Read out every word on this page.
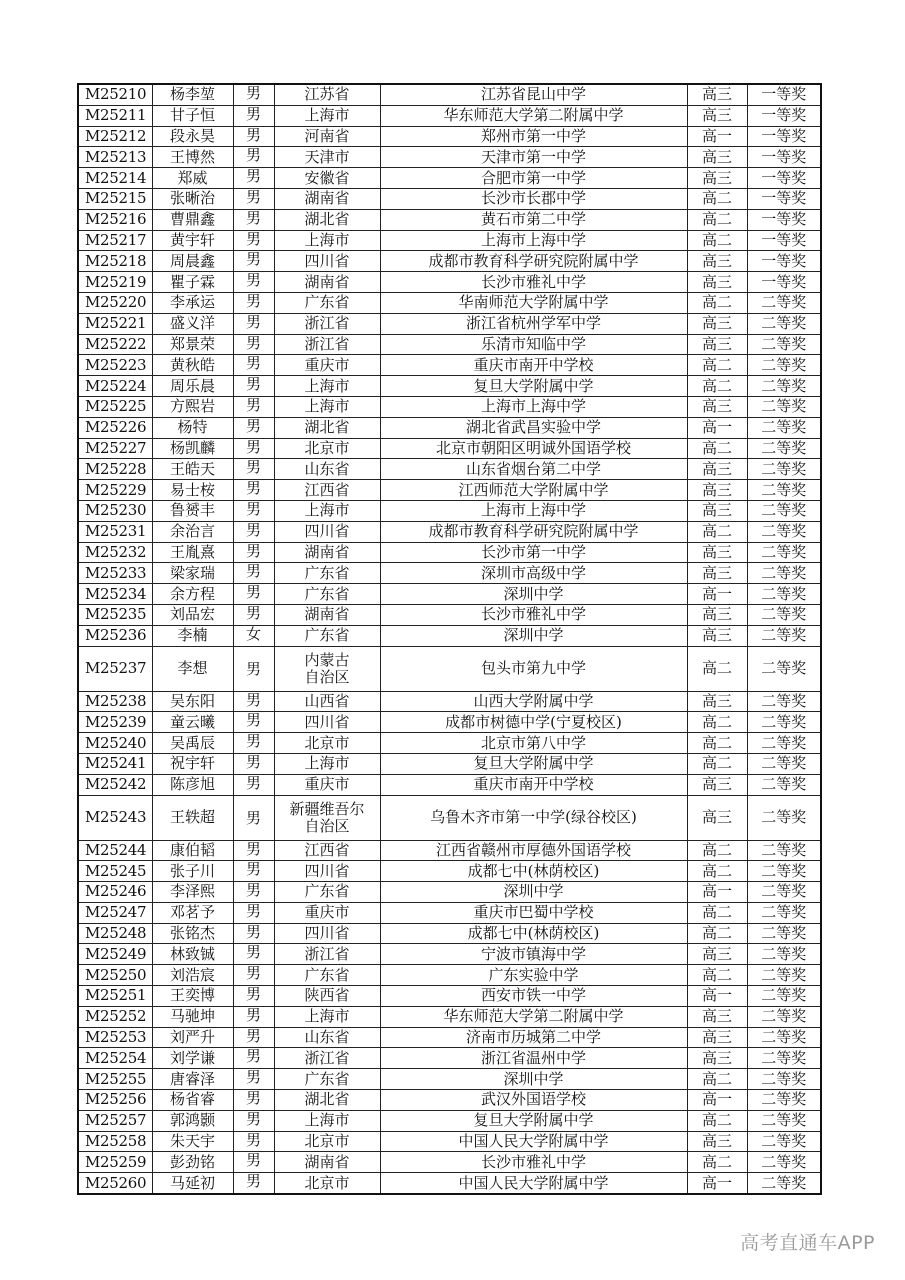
M25210	杨李堃	男	江苏省	江苏省昆山中学	高三	一等奖
M25211	甘子恒	男	上海市	华东师范大学第二附属中学	高三	一等奖
M25212	段永昊	男	河南省	郑州市第一中学	高一	一等奖
M25213	王博然	男	天津市	天津市第一中学	高三	一等奖
M25214	郑威	男	安徽省	合肥市第一中学	高三	一等奖
M25215	张晰治	男	湖南省	长沙市长郡中学	高二	一等奖
M25216	曹鼎鑫	男	湖北省	黄石市第二中学	高二	一等奖
M25217	黄宇轩	男	上海市	上海市上海中学	高二	一等奖
M25218	周晨鑫	男	四川省	成都市教育科学研究院附属中学	高三	一等奖
M25219	瞿子霖	男	湖南省	长沙市雅礼中学	高三	一等奖
M25220	李承运	男	广东省	华南师范大学附属中学	高二	二等奖
M25221	盛义洋	男	浙江省	浙江省杭州学军中学	高三	二等奖
M25222	郑景荣	男	浙江省	乐清市知临中学	高三	二等奖
M25223	黄秋皓	男	重庆市	重庆市南开中学校	高二	二等奖
M25224	周乐晨	男	上海市	复旦大学附属中学	高二	二等奖
M25225	方熙岩	男	上海市	上海市上海中学	高三	二等奖
M25226	杨特	男	湖北省	湖北省武昌实验中学	高一	二等奖
M25227	杨凯麟	男	北京市	北京市朝阳区明诚外国语学校	高二	二等奖
M25228	王皓天	男	山东省	山东省烟台第二中学	高三	二等奖
M25229	易士桉	男	江西省	江西师范大学附属中学	高三	二等奖
M25230	鲁赟丰	男	上海市	上海市上海中学	高三	二等奖
M25231	余治言	男	四川省	成都市教育科学研究院附属中学	高二	二等奖
M25232	王胤熹	男	湖南省	长沙市第一中学	高三	二等奖
M25233	梁家瑞	男	广东省	深圳市高级中学	高三	二等奖
M25234	余方程	男	广东省	深圳中学	高一	二等奖
M25235	刘品宏	男	湖南省	长沙市雅礼中学	高三	二等奖
M25236	李楠	女	广东省	深圳中学	高三	二等奖
M25237	李想	男	内蒙古
自治区	包头市第九中学	高二	二等奖
M25238	吴东阳	男	山西省	山西大学附属中学	高三	二等奖
M25239	童云曦	男	四川省	成都市树德中学(宁夏校区)	高二	二等奖
M25240	吴禹辰	男	北京市	北京市第八中学	高二	二等奖
M25241	祝宇轩	男	上海市	复旦大学附属中学	高二	二等奖
M25242	陈彦旭	男	重庆市	重庆市南开中学校	高三	二等奖
M25243	王轶超	男	新疆维吾尔
自治区	乌鲁木齐市第一中学(绿谷校区)	高三	二等奖
M25244	康伯韬	男	江西省	江西省赣州市厚德外国语学校	高二	二等奖
M25245	张子川	男	四川省	成都七中(林荫校区)	高二	二等奖
M25246	李泽熙	男	广东省	深圳中学	高一	二等奖
M25247	邓茗予	男	重庆市	重庆市巴蜀中学校	高二	二等奖
M25248	张铭杰	男	四川省	成都七中(林荫校区)	高二	二等奖
M25249	林致铖	男	浙江省	宁波市镇海中学	高三	二等奖
M25250	刘浩宸	男	广东省	广东实验中学	高二	二等奖
M25251	王奕博	男	陕西省	西安市铁一中学	高一	二等奖
M25252	马驰坤	男	上海市	华东师范大学第二附属中学	高三	二等奖
M25253	刘严升	男	山东省	济南市历城第二中学	高三	二等奖
M25254	刘学谦	男	浙江省	浙江省温州中学	高三	二等奖
M25255	唐睿泽	男	广东省	深圳中学	高二	二等奖
M25256	杨省睿	男	湖北省	武汉外国语学校	高一	二等奖
M25257	郭鸿颢	男	上海市	复旦大学附属中学	高二	二等奖
M25258	朱天宇	男	北京市	中国人民大学附属中学	高三	二等奖
M25259	彭劲铭	男	湖南省	长沙市雅礼中学	高二	二等奖
M25260	马延初	男	北京市	中国人民大学附属中学	高一	二等奖
高考直通车APP
